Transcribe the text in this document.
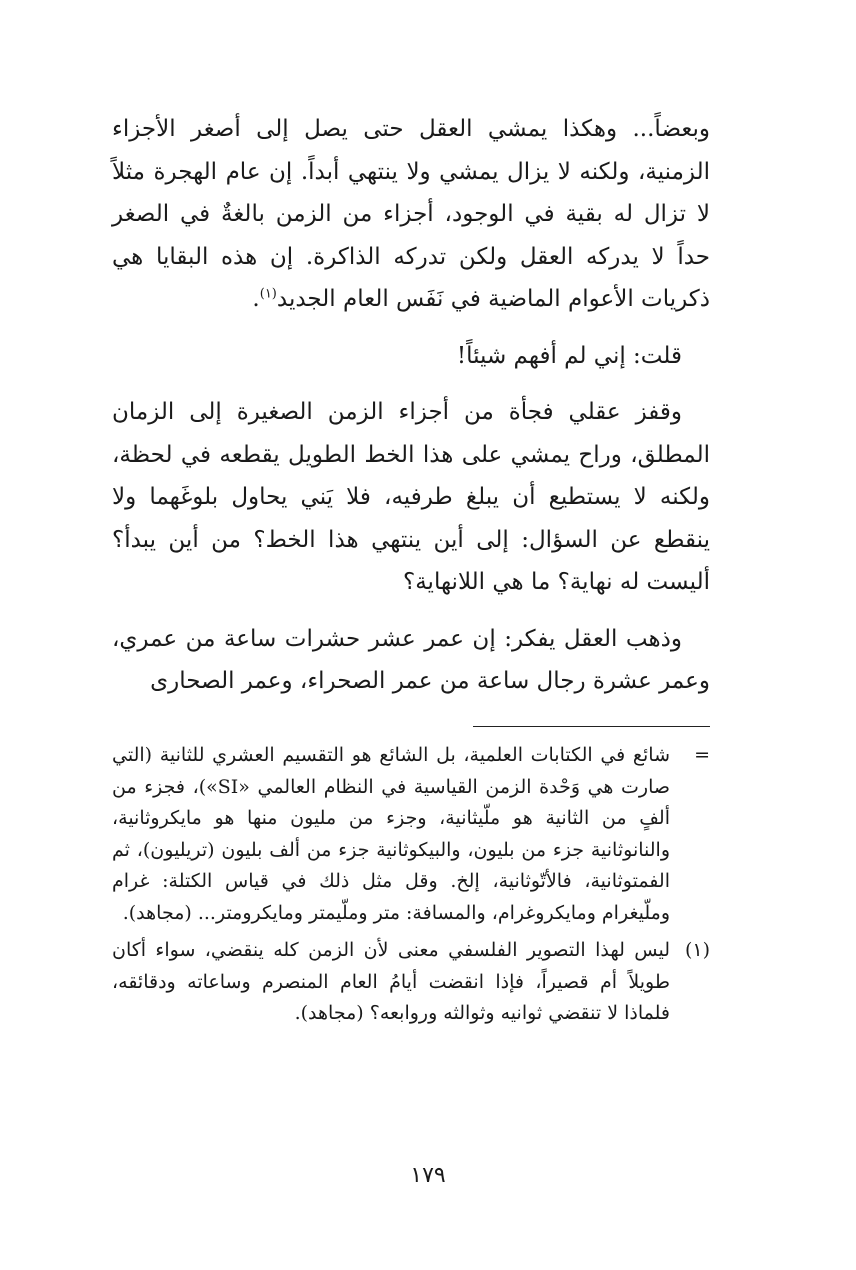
وبعضاً... وهكذا يمشي العقل حتى يصل إلى أصغر الأجزاء الزمنية، ولكنه لا يزال يمشي ولا ينتهي أبداً. إن عام الهجرة مثلاً لا تزال له بقية في الوجود، أجزاء من الزمن بالغةٌ في الصغر حداً لا يدركه العقل ولكن تدركه الذاكرة. إن هذه البقايا هي ذكريات الأعوام الماضية في نَفَس العام الجديد$^{(١)}$.

قلت: إني لم أفهم شيئاً!

وقفز عقلي فجأة من أجزاء الزمن الصغيرة إلى الزمان المطلق، وراح يمشي على هذا الخط الطويل يقطعه في لحظة، ولكنه لا يستطيع أن يبلغ طرفيه، فلا يَني يحاول بلوغَهما ولا ينقطع عن السؤال: إلى أين ينتهي هذا الخط؟ من أين يبدأ؟ أليست له نهاية؟ ما هي اللانهاية؟

وذهب العقل يفكر: إن عمر عشر حشرات ساعة من عمري، وعمر عشرة رجال ساعة من عمر الصحراء، وعمر الصحارى

=
شائع في الكتابات العلمية، بل الشائع هو التقسيم العشري للثانية (التي صارت هي وَحْدة الزمن القياسية في النظام العالمي «SI»)، فجزء من ألفٍ من الثانية هو ملّيثانية، وجزء من مليون منها هو مايكروثانية، والنانوثانية جزء من بليون، والبيكوثانية جزء من ألف بليون (تريليون)، ثم الفمتوثانية، فالأتّوثانية، إلخ. وقل مثل ذلك في قياس الكتلة: غرام وملّيغرام ومايكروغرام، والمسافة: متر وملّيمتر ومايكرومتر... (مجاهد).
(١)
ليس لهذا التصوير الفلسفي معنى لأن الزمن كله ينقضي، سواء أكان طويلاً أم قصيراً، فإذا انقضت أيامُ العام المنصرم وساعاته ودقائقه، فلماذا لا تنقضي ثوانيه وثوالثه وروابعه؟ (مجاهد).
١٧٩
